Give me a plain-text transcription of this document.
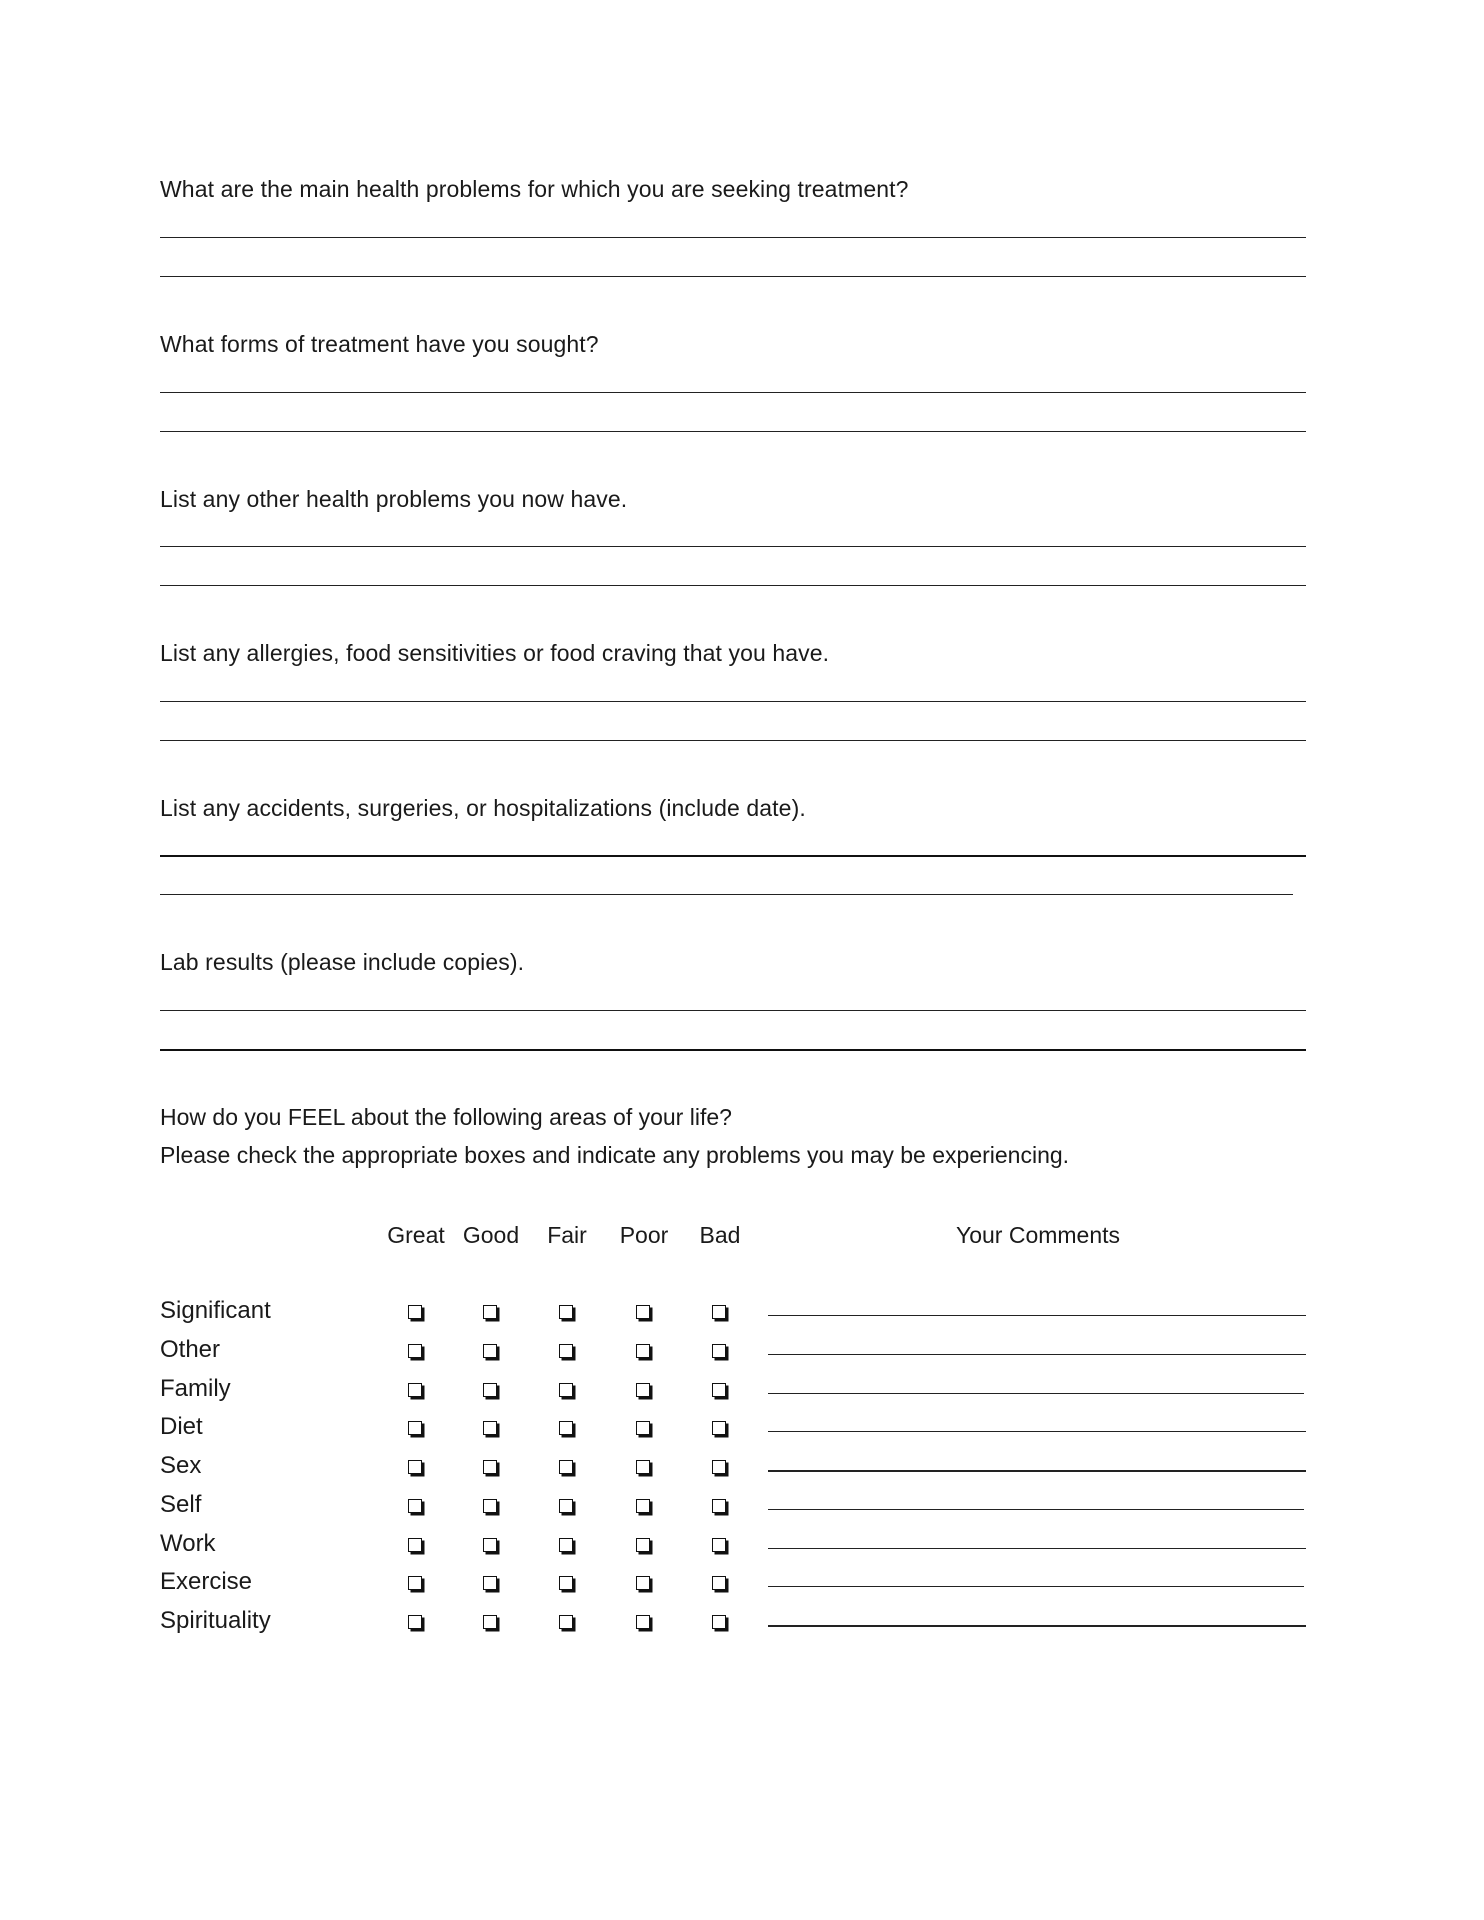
What are the main health problems for which you are seeking treatment?
What forms of treatment have you sought?
List any other health problems you now have.
List any allergies, food sensitivities or food craving that you have.
List any accidents, surgeries, or hospitalizations (include date).
Lab results (please include copies).
How do you FEEL about the following areas of your life?
Please check the appropriate boxes and indicate any problems you may be experiencing.
Great Good Fair Poor Bad	Your Comments
Significant
Other
Family
Diet
Sex
Self
Work
Exercise
Spirituality
